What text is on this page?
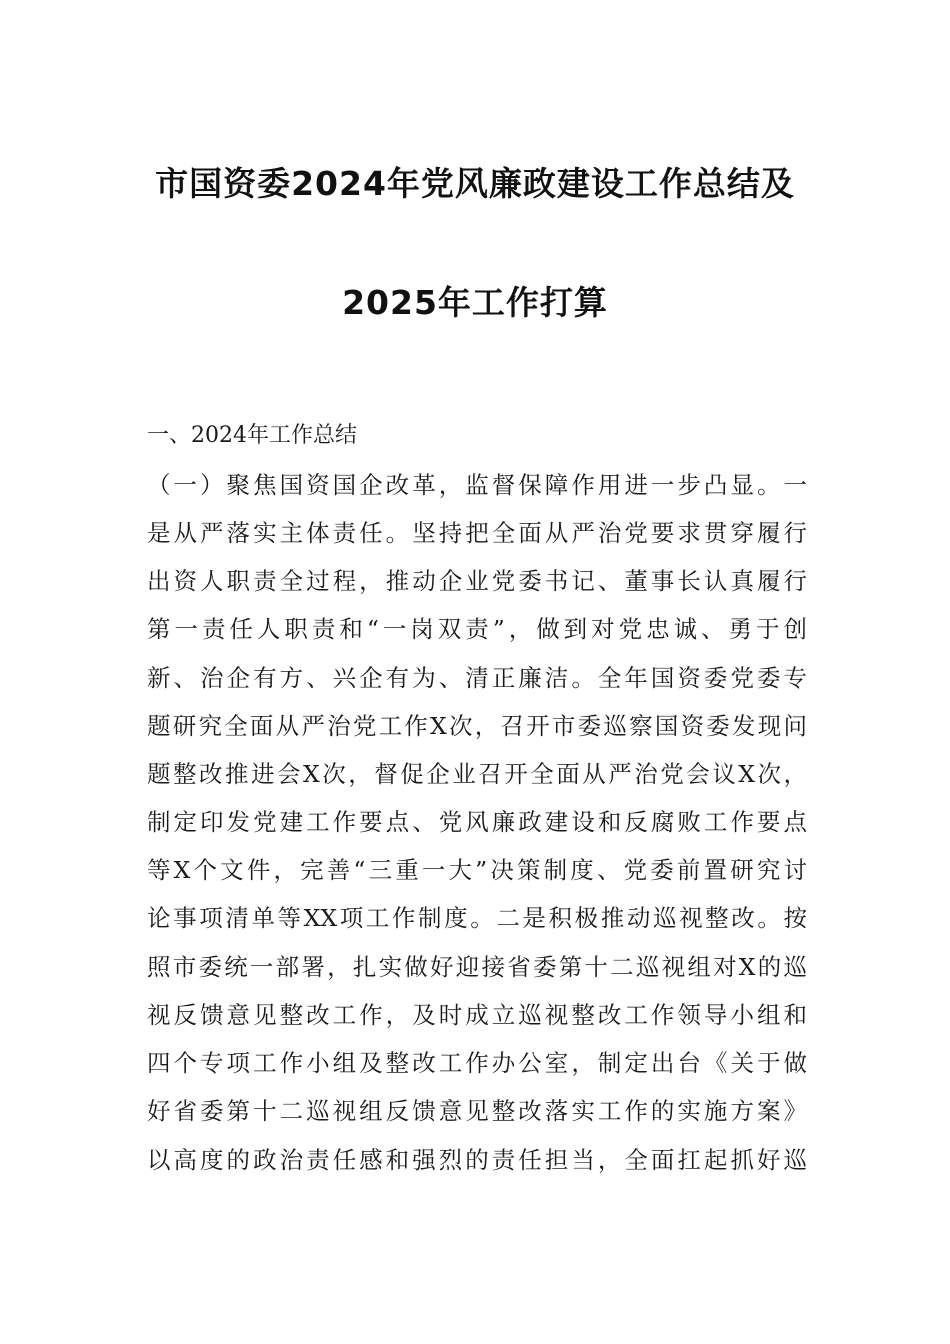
市国资委2024年党风廉政建设工作总结及
2025年工作打算
一、2024年工作总结
（一）聚焦国资国企改革，监督保障作用进一步凸显。一
是从严落实主体责任。坚持把全面从严治党要求贯穿履行
出资人职责全过程，推动企业党委书记、董事长认真履行
第一责任人职责和“一岗双责”，做到对党忠诚、勇于创
新、治企有方、兴企有为、清正廉洁。全年国资委党委专
题研究全面从严治党工作X次，召开市委巡察国资委发现问
题整改推进会X次，督促企业召开全面从严治党会议X次，
制定印发党建工作要点、党风廉政建设和反腐败工作要点
等X个文件，完善“三重一大”决策制度、党委前置研究讨
论事项清单等XX项工作制度。二是积极推动巡视整改。按
照市委统一部署，扎实做好迎接省委第十二巡视组对X的巡
视反馈意见整改工作，及时成立巡视整改工作领导小组和
四个专项工作小组及整改工作办公室，制定出台《关于做
好省委第十二巡视组反馈意见整改落实工作的实施方案》
以高度的政治责任感和强烈的责任担当，全面扛起抓好巡
